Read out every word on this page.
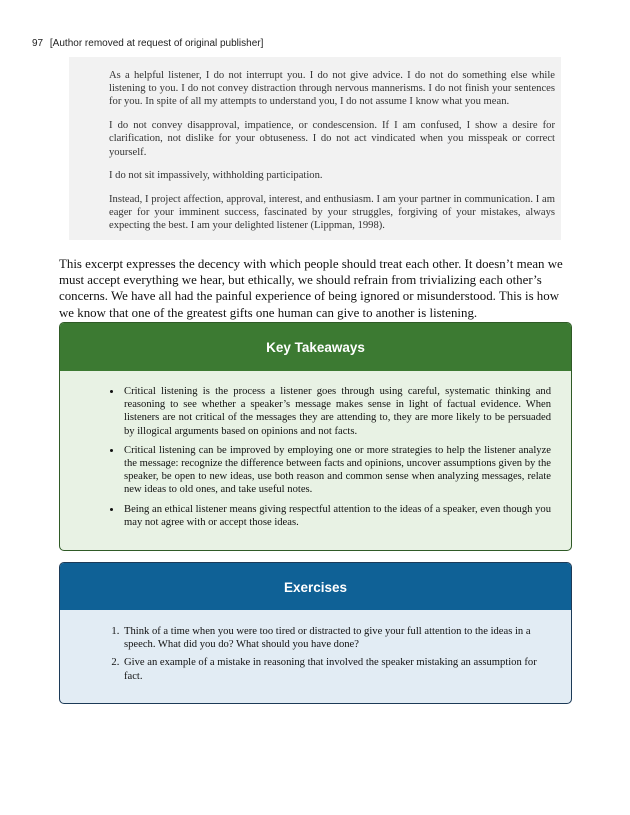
97 [Author removed at request of original publisher]

As a helpful listener, I do not interrupt you. I do not give advice. I do not do something else while listening to you. I do not convey distraction through nervous mannerisms. I do not finish your sentences for you. In spite of all my attempts to understand you, I do not assume I know what you mean.

I do not convey disapproval, impatience, or condescension. If I am confused, I show a desire for clarification, not dislike for your obtuseness. I do not act vindicated when you misspeak or correct yourself.

I do not sit impassively, withholding participation.

Instead, I project affection, approval, interest, and enthusiasm. I am your partner in communication. I am eager for your imminent success, fascinated by your struggles, forgiving of your mistakes, always expecting the best. I am your delighted listener (Lippman, 1998).

This excerpt expresses the decency with which people should treat each other. It doesn’t mean we must accept everything we hear, but ethically, we should refrain from trivializing each other’s concerns. We have all had the painful experience of being ignored or misunderstood. This is how we know that one of the greatest gifts one human can give to another is listening.

Key Takeaways
• Critical listening is the process a listener goes through using careful, systematic thinking and reasoning to see whether a speaker’s message makes sense in light of factual evidence. When listeners are not critical of the messages they are attending to, they are more likely to be persuaded by illogical arguments based on opinions and not facts.
• Critical listening can be improved by employing one or more strategies to help the listener analyze the message: recognize the difference between facts and opinions, uncover assumptions given by the speaker, be open to new ideas, use both reason and common sense when analyzing messages, relate new ideas to old ones, and take useful notes.
• Being an ethical listener means giving respectful attention to the ideas of a speaker, even though you may not agree with or accept those ideas.
Exercises
1. Think of a time when you were too tired or distracted to give your full attention to the ideas in a speech. What did you do? What should you have done?
2. Give an example of a mistake in reasoning that involved the speaker mistaking an assumption for fact.
